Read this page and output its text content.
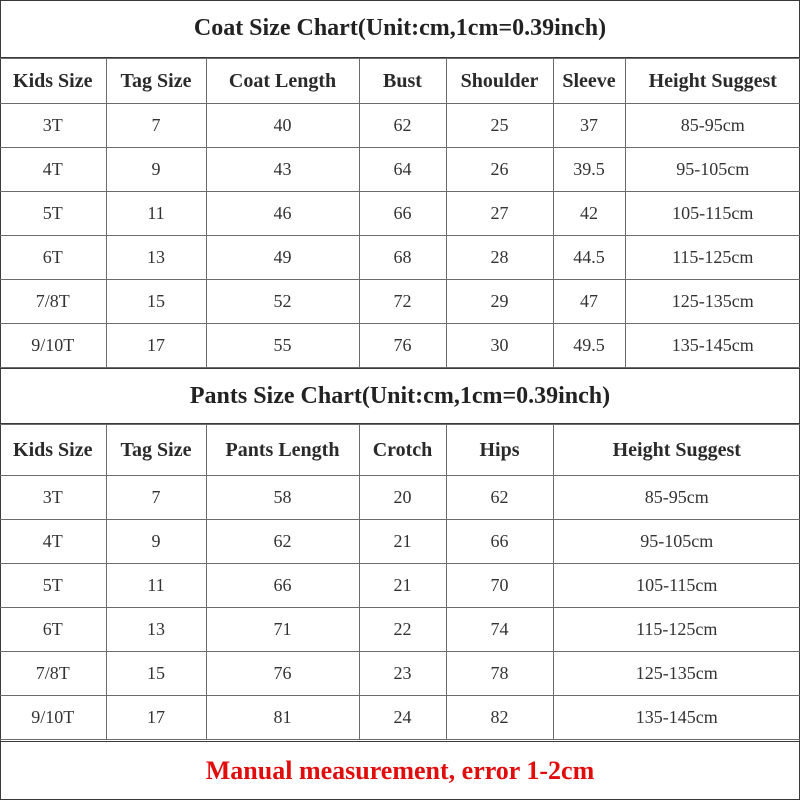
Coat Size Chart(Unit:cm,1cm=0.39inch)
Kids Size	Tag Size	Coat Length	Bust	Shoulder	Sleeve	Height Suggest
3T	7	40	62	25	37	85-95cm
4T	9	43	64	26	39.5	95-105cm
5T	11	46	66	27	42	105-115cm
6T	13	49	68	28	44.5	115-125cm
7/8T	15	52	72	29	47	125-135cm
9/10T	17	55	76	30	49.5	135-145cm
Pants Size Chart(Unit:cm,1cm=0.39inch)
Kids Size	Tag Size	Pants Length	Crotch	Hips	Height Suggest
3T	7	58	20	62	85-95cm
4T	9	62	21	66	95-105cm
5T	11	66	21	70	105-115cm
6T	13	71	22	74	115-125cm
7/8T	15	76	23	78	125-135cm
9/10T	17	81	24	82	135-145cm
Manual measurement, error 1-2cm
